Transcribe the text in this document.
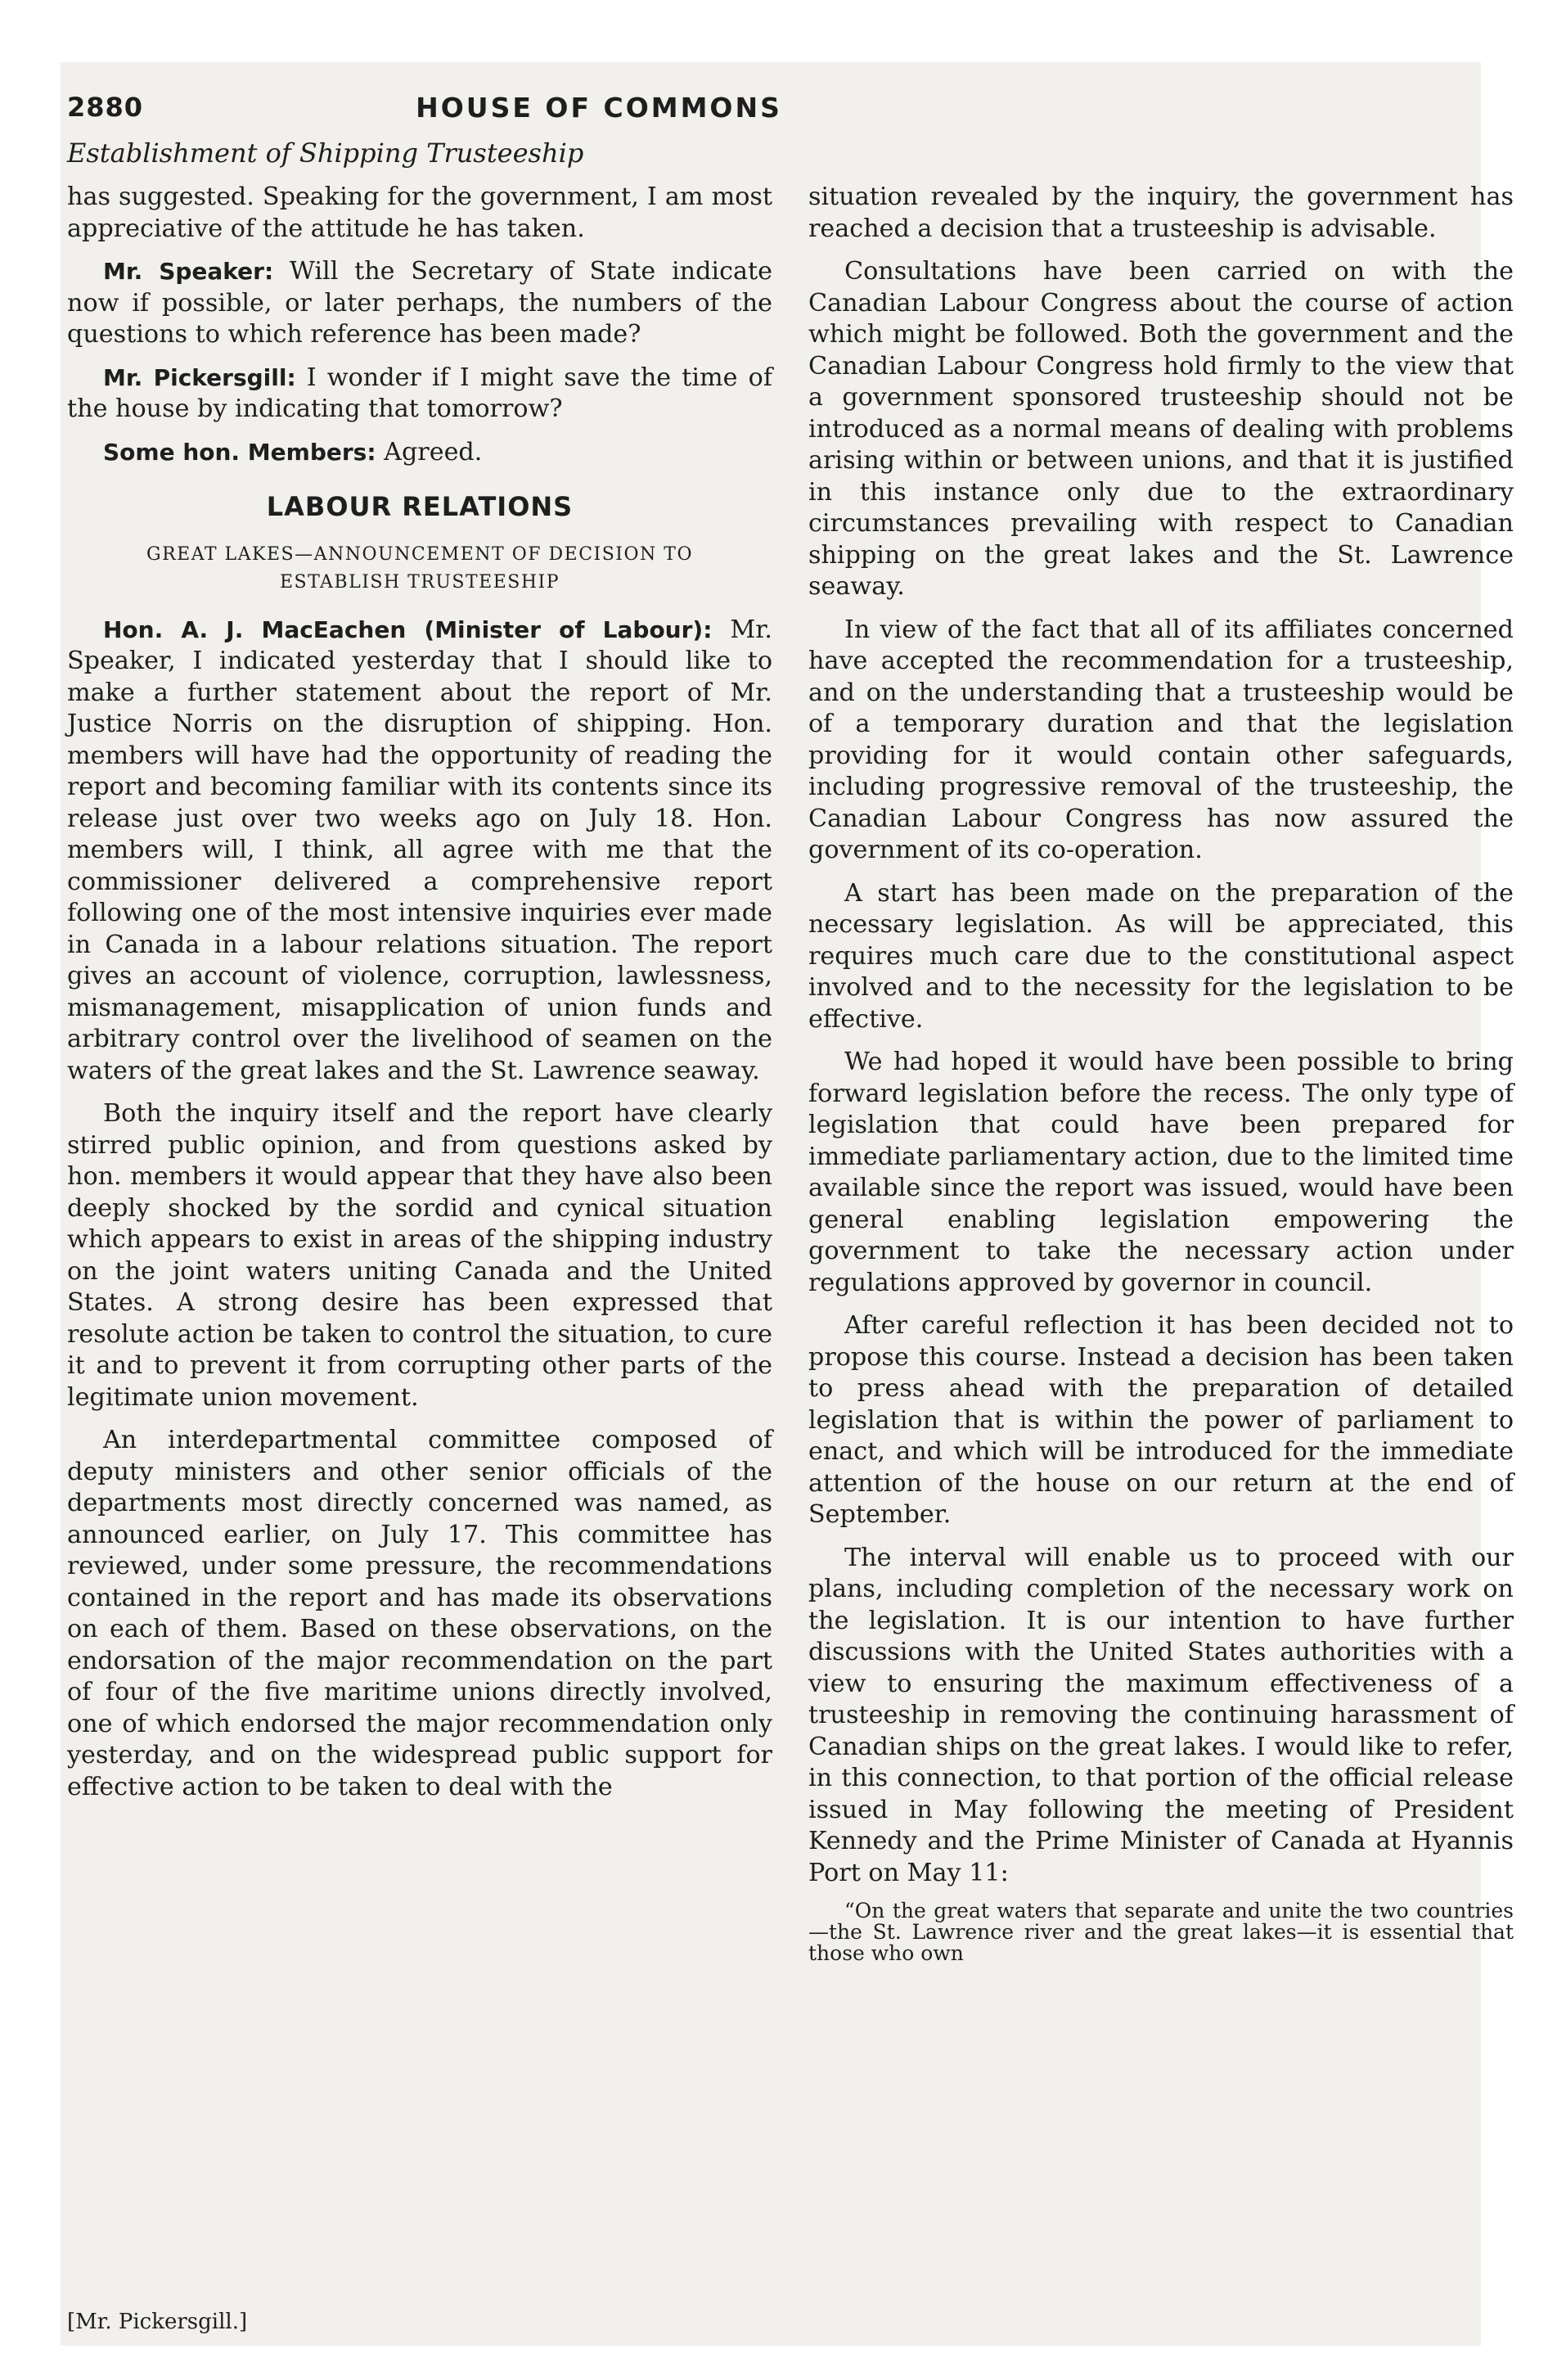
2880	HOUSE OF COMMONS
Establishment of Shipping Trusteeship

has suggested. Speaking for the government, I am most appreciative of the attitude he has taken.

Mr. Speaker: Will the Secretary of State indicate now if possible, or later perhaps, the numbers of the questions to which reference has been made?

Mr. Pickersgill: I wonder if I might save the time of the house by indicating that tomorrow?

Some hon. Members: Agreed.

LABOUR RELATIONS
GREAT LAKES—ANNOUNCEMENT OF DECISION TO
ESTABLISH TRUSTEESHIP

Hon. A. J. MacEachen (Minister of Labour): Mr. Speaker, I indicated yesterday that I should like to make a further statement about the report of Mr. Justice Norris on the disruption of shipping. Hon. members will have had the opportunity of reading the report and becoming familiar with its contents since its release just over two weeks ago on July 18. Hon. members will, I think, all agree with me that the commissioner delivered a comprehensive report following one of the most intensive inquiries ever made in Canada in a labour relations situation. The report gives an account of violence, corruption, lawlessness, mismanagement, misapplication of union funds and arbitrary control over the livelihood of seamen on the waters of the great lakes and the St. Lawrence seaway.

Both the inquiry itself and the report have clearly stirred public opinion, and from questions asked by hon. members it would appear that they have also been deeply shocked by the sordid and cynical situation which appears to exist in areas of the shipping industry on the joint waters uniting Canada and the United States. A strong desire has been expressed that resolute action be taken to control the situation, to cure it and to prevent it from corrupting other parts of the legitimate union movement.

An interdepartmental committee composed of deputy ministers and other senior officials of the departments most directly concerned was named, as announced earlier, on July 17. This committee has reviewed, under some pressure, the recommendations contained in the report and has made its observations on each of them. Based on these observations, on the endorsation of the major recommendation on the part of four of the five maritime unions directly involved, one of which endorsed the major recommendation only yesterday, and on the widespread public support for effective action to be taken to deal with the

situation revealed by the inquiry, the government has reached a decision that a trusteeship is advisable.

Consultations have been carried on with the Canadian Labour Congress about the course of action which might be followed. Both the government and the Canadian Labour Congress hold firmly to the view that a government sponsored trusteeship should not be introduced as a normal means of dealing with problems arising within or between unions, and that it is justified in this instance only due to the extraordinary circumstances prevailing with respect to Canadian shipping on the great lakes and the St. Lawrence seaway.

In view of the fact that all of its affiliates concerned have accepted the recommendation for a trusteeship, and on the understanding that a trusteeship would be of a temporary duration and that the legislation providing for it would contain other safeguards, including progressive removal of the trusteeship, the Canadian Labour Congress has now assured the government of its co-operation.

A start has been made on the preparation of the necessary legislation. As will be appreciated, this requires much care due to the constitutional aspect involved and to the necessity for the legislation to be effective.

We had hoped it would have been possible to bring forward legislation before the recess. The only type of legislation that could have been prepared for immediate parliamentary action, due to the limited time available since the report was issued, would have been general enabling legislation empowering the government to take the necessary action under regulations approved by governor in council.

After careful reflection it has been decided not to propose this course. Instead a decision has been taken to press ahead with the preparation of detailed legislation that is within the power of parliament to enact, and which will be introduced for the immediate attention of the house on our return at the end of September.

The interval will enable us to proceed with our plans, including completion of the necessary work on the legislation. It is our intention to have further discussions with the United States authorities with a view to ensuring the maximum effectiveness of a trusteeship in removing the continuing harassment of Canadian ships on the great lakes. I would like to refer, in this connection, to that portion of the official release issued in May following the meeting of President Kennedy and the Prime Minister of Canada at Hyannis Port on May 11:

“On the great waters that separate and unite the two countries—the St. Lawrence river and the great lakes—it is essential that those who own

[Mr. Pickersgill.]
